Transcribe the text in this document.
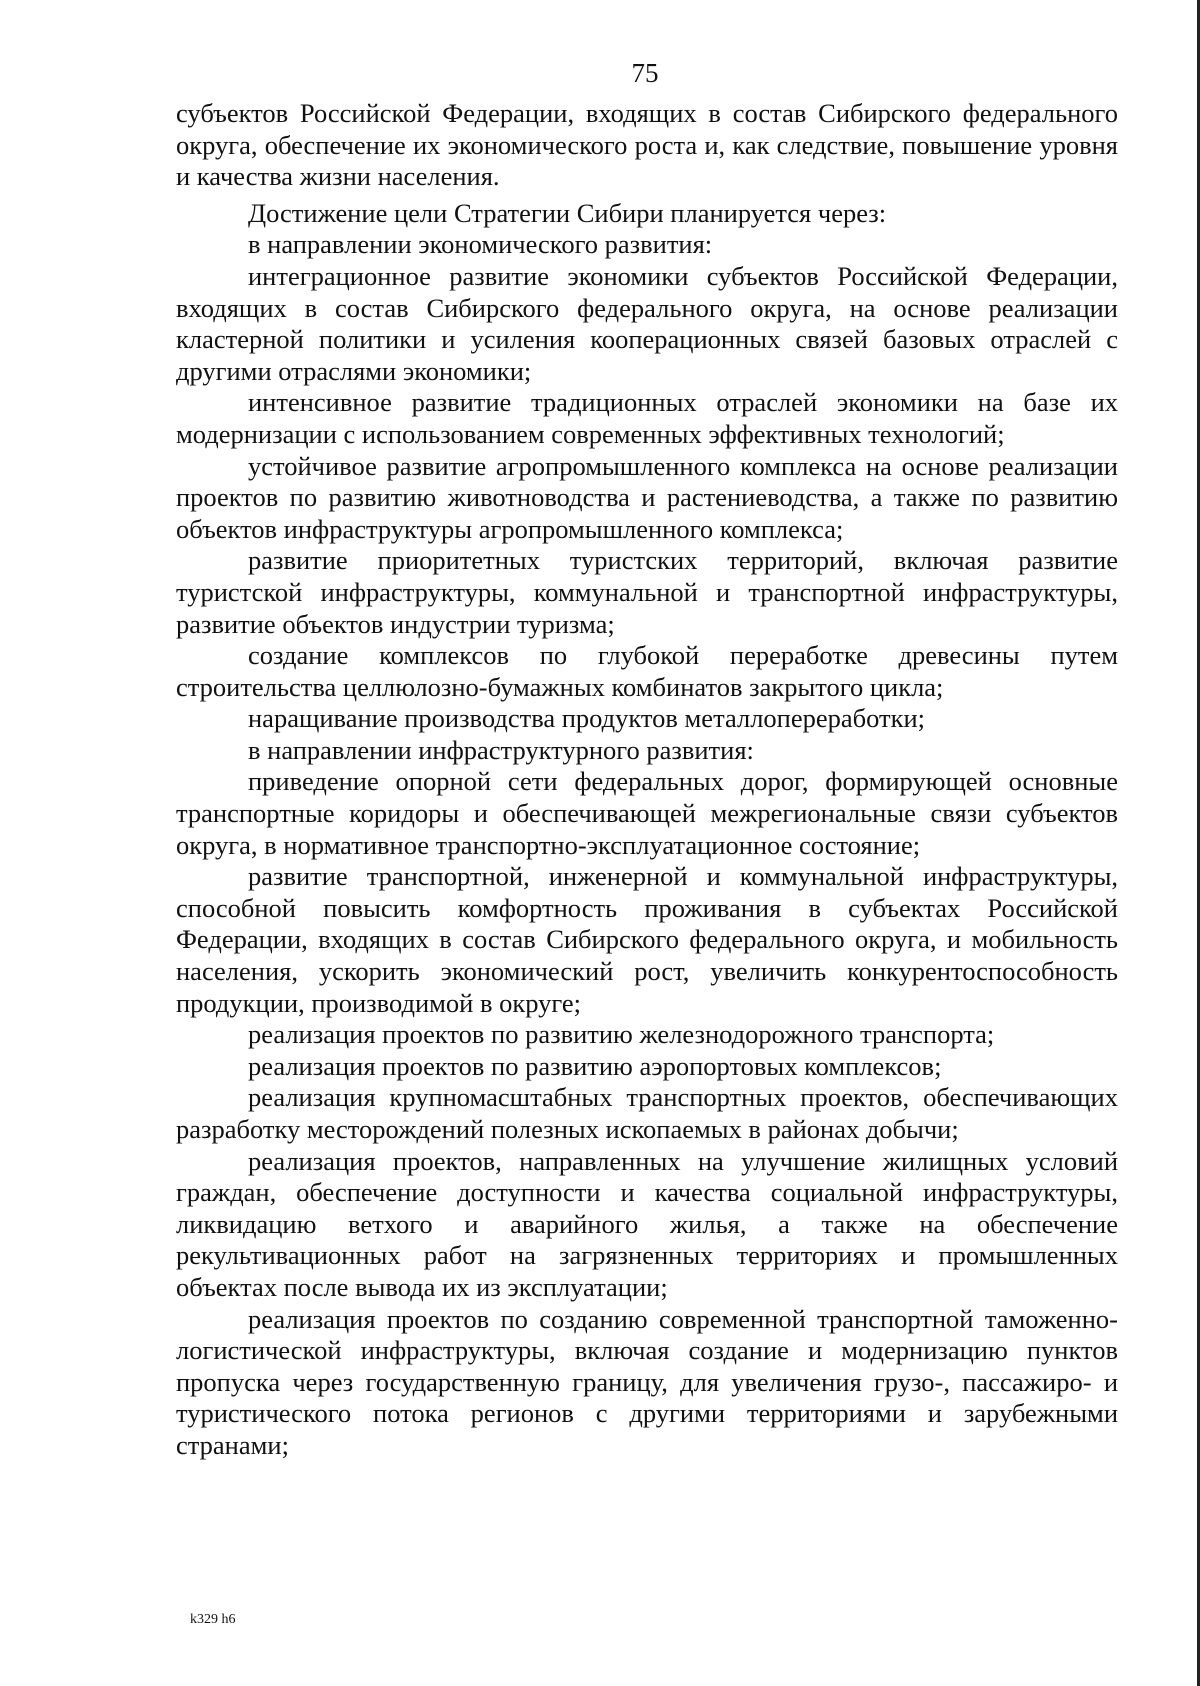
75

субъектов Российской Федерации, входящих в состав Сибирского федерального округа, обеспечение их экономического роста и, как следствие, повышение уровня и качества жизни населения.

Достижение цели Стратегии Сибири планируется через:

в направлении экономического развития:

интеграционное развитие экономики субъектов Российской Федерации, входящих в состав Сибирского федерального округа, на основе реализации кластерной политики и усиления кооперационных связей базовых отраслей с другими отраслями экономики;

интенсивное развитие традиционных отраслей экономики на базе их модернизации с использованием современных эффективных технологий;

устойчивое развитие агропромышленного комплекса на основе реализации проектов по развитию животноводства и растениеводства, а также по развитию объектов инфраструктуры агропромышленного комплекса;

развитие приоритетных туристских территорий, включая развитие туристской инфраструктуры, коммунальной и транспортной инфраструктуры, развитие объектов индустрии туризма;

создание комплексов по глубокой переработке древесины путем строительства целлюлозно-бумажных комбинатов закрытого цикла;

наращивание производства продуктов металлопереработки;

в направлении инфраструктурного развития:

приведение опорной сети федеральных дорог, формирующей основные транспортные коридоры и обеспечивающей межрегиональные связи субъектов округа, в нормативное транспортно-эксплуатационное состояние;

развитие транспортной, инженерной и коммунальной инфраструктуры, способной повысить комфортность проживания в субъектах Российской Федерации, входящих в состав Сибирского федерального округа, и мобильность населения, ускорить экономический рост, увеличить конкурентоспособность продукции, производимой в округе;

реализация проектов по развитию железнодорожного транспорта;

реализация проектов по развитию аэропортовых комплексов;

реализация крупномасштабных транспортных проектов, обеспечивающих разработку месторождений полезных ископаемых в районах добычи;

реализация проектов, направленных на улучшение жилищных условий граждан, обеспечение доступности и качества социальной инфраструктуры, ликвидацию ветхого и аварийного жилья, а также на обеспечение рекультивационных работ на загрязненных территориях и промышленных объектах после вывода их из эксплуатации;

реализация проектов по созданию современной транспортной таможенно-логистической инфраструктуры, включая создание и модернизацию пунктов пропуска через государственную границу, для увеличения грузо-, пассажиро- и туристического потока регионов с другими территориями и зарубежными странами;

k329 h6
